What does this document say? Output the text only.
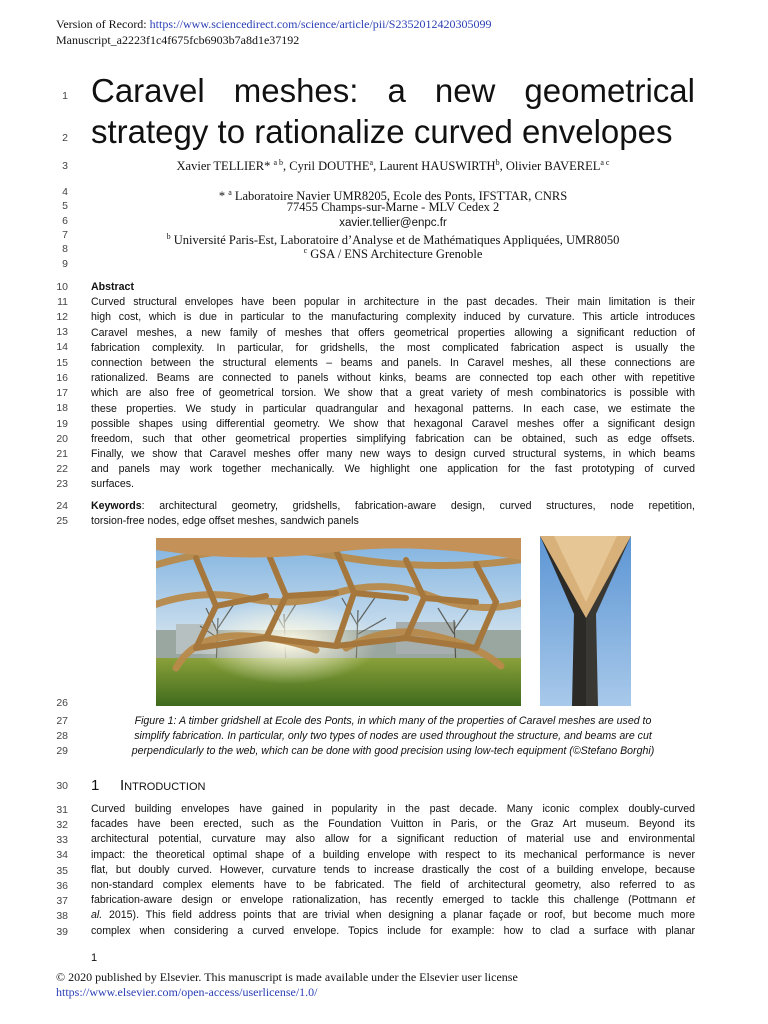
Version of Record: https://www.sciencedirect.com/science/article/pii/S2352012420305099
Manuscript_a2223f1c4f675fcb6903b7a8d1e37192
1
2
3
4
5
6
7
8
9
10
11
12
13
14
15
16
17
18
19
20
21
22
23
24
25
26
27
28
29
30
31
32
33
34
35
36
37
38
39
Caravel meshes: a new geometrical
strategy to rationalize curved envelopes
Xavier TELLIER* $^{a b}$, Cyril DOUTHE$^a$, Laurent HAUSWIRTH$^b$, Olivier $BAVEREL^{a c}$
* $^a$ Laboratoire Navier UMR8205, Ecole des Ponts, IFSTTAR, CNRS
77455 Champs-sur-Marne - MLV Cedex 2
xavier.tellier@enpc.fr
$^b$ Université Paris-Est, Laboratoire d’Analyse et de Mathématiques Appliquées, UMR8050
$^c$ GSA / ENS Architecture Grenoble
Abstract
Curved structural envelopes have been popular in architecture in the past decades. Their main limitation is their
high cost, which is due in particular to the manufacturing complexity induced by curvature. This article introduces
Caravel meshes, a new family of meshes that offers geometrical properties allowing a significant reduction of
fabrication complexity. In particular, for gridshells, the most complicated fabrication aspect is usually the
connection between the structural elements – beams and panels. In Caravel meshes, all these connections are
rationalized. Beams are connected to panels without kinks, beams are connected top each other with repetitive
which are also free of geometrical torsion. We show that a great variety of mesh combinatorics is possible with
these properties. We study in particular quadrangular and hexagonal patterns. In each case, we estimate the
possible shapes using differential geometry. We show that hexagonal Caravel meshes offer a significant design
freedom, such that other geometrical properties simplifying fabrication can be obtained, such as edge offsets.
Finally, we show that Caravel meshes offer many new ways to design curved structural systems, in which beams
and panels may work together mechanically. We highlight one application for the fast prototyping of curved
surfaces.
Keywords: architectural geometry, gridshells, fabrication-aware design, curved structures, node repetition,
torsion-free nodes, edge offset meshes, sandwich panels
Figure 1: A timber gridshell at Ecole des Ponts, in which many of the properties of Caravel meshes are used to
simplify fabrication. In particular, only two types of nodes are used throughout the structure, and beams are cut
perpendicularly to the web, which can be done with good precision using low-tech equipment (©Stefano Borghi)
1 Introduction
Curved building envelopes have gained in popularity in the past decade. Many iconic complex doubly-curved
facades have been erected, such as the Foundation Vuitton in Paris, or the Graz Art museum. Beyond its
architectural potential, curvature may also allow for a significant reduction of material use and environmental
impact: the theoretical optimal shape of a building envelope with respect to its mechanical performance is never
flat, but doubly curved. However, curvature tends to increase drastically the cost of a building envelope, because
non-standard complex elements have to be fabricated. The field of architectural geometry, also referred to as
fabrication-aware design or envelope rationalization, has recently emerged to tackle this challenge (Pottmann et
al. 2015). This field address points that are trivial when designing a planar façade or roof, but become much more
complex when considering a curved envelope. Topics include for example: how to clad a surface with planar
1
© 2020 published by Elsevier. This manuscript is made available under the Elsevier user license
https://www.elsevier.com/open-access/userlicense/1.0/
